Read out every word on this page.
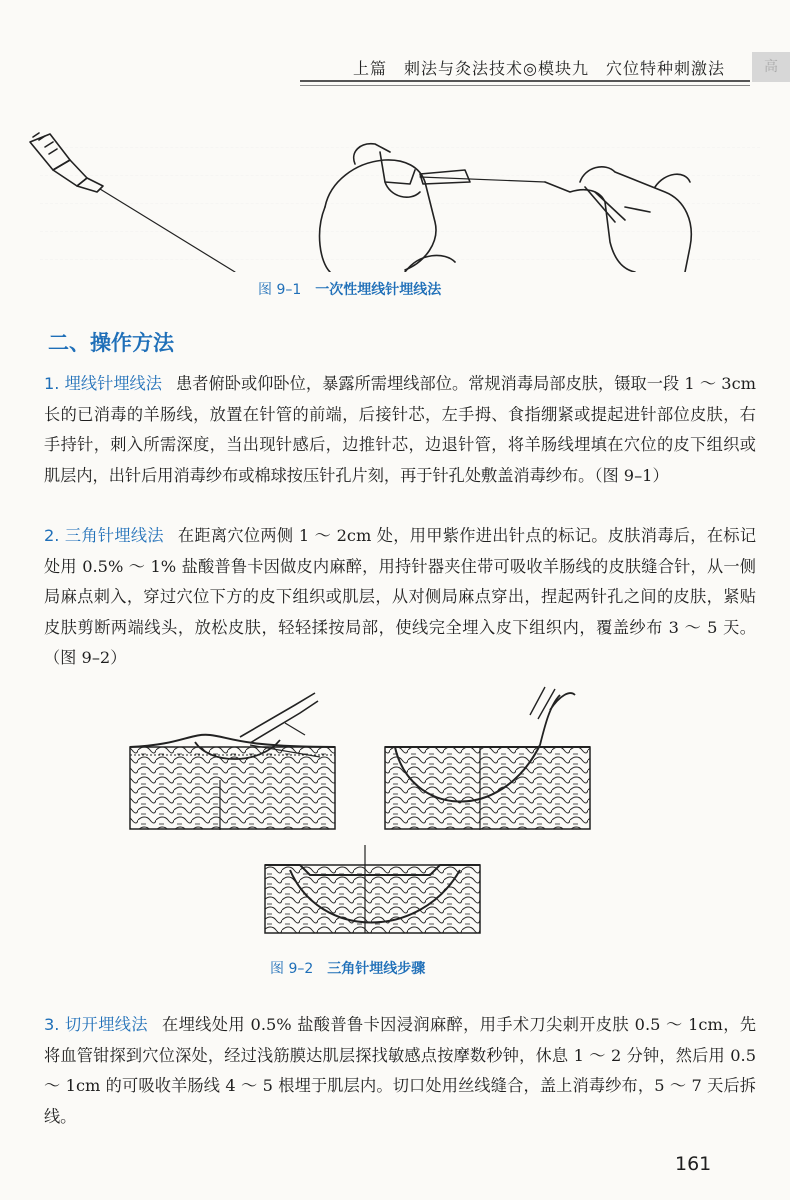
上篇　刺法与灸法技术◎模块九　穴位特种刺激法	高
图 9–1 一次性埋线针埋线法
二、操作方法

1. 埋线针埋线法 患者俯卧或仰卧位，暴露所需埋线部位。常规消毒局部皮肤，镊取一段 1 ～ 3cm 长的已消毒的羊肠线，放置在针管的前端，后接针芯，左手拇、食指绷紧或提起进针部位皮肤，右手持针，刺入所需深度，当出现针感后，边推针芯，边退针管，将羊肠线埋填在穴位的皮下组织或肌层内，出针后用消毒纱布或棉球按压针孔片刻，再于针孔处敷盖消毒纱布。（图 9–1）

2. 三角针埋线法 在距离穴位两侧 1 ～ 2cm 处，用甲紫作进出针点的标记。皮肤消毒后，在标记处用 0.5% ～ 1% 盐酸普鲁卡因做皮内麻醉，用持针器夹住带可吸收羊肠线的皮肤缝合针，从一侧局麻点刺入，穿过穴位下方的皮下组织或肌层，从对侧局麻点穿出，捏起两针孔之间的皮肤，紧贴皮肤剪断两端线头，放松皮肤，轻轻揉按局部，使线完全埋入皮下组织内，覆盖纱布 3 ～ 5 天。（图 9–2）

图 9–2 三角针埋线步骤

3. 切开埋线法 在埋线处用 0.5% 盐酸普鲁卡因浸润麻醉，用手术刀尖刺开皮肤 0.5 ～ 1cm，先将血管钳探到穴位深处，经过浅筋膜达肌层探找敏感点按摩数秒钟，休息 1 ～ 2 分钟，然后用 0.5 ～ 1cm 的可吸收羊肠线 4 ～ 5 根埋于肌层内。切口处用丝线缝合，盖上消毒纱布，5 ～ 7 天后拆线。

161
